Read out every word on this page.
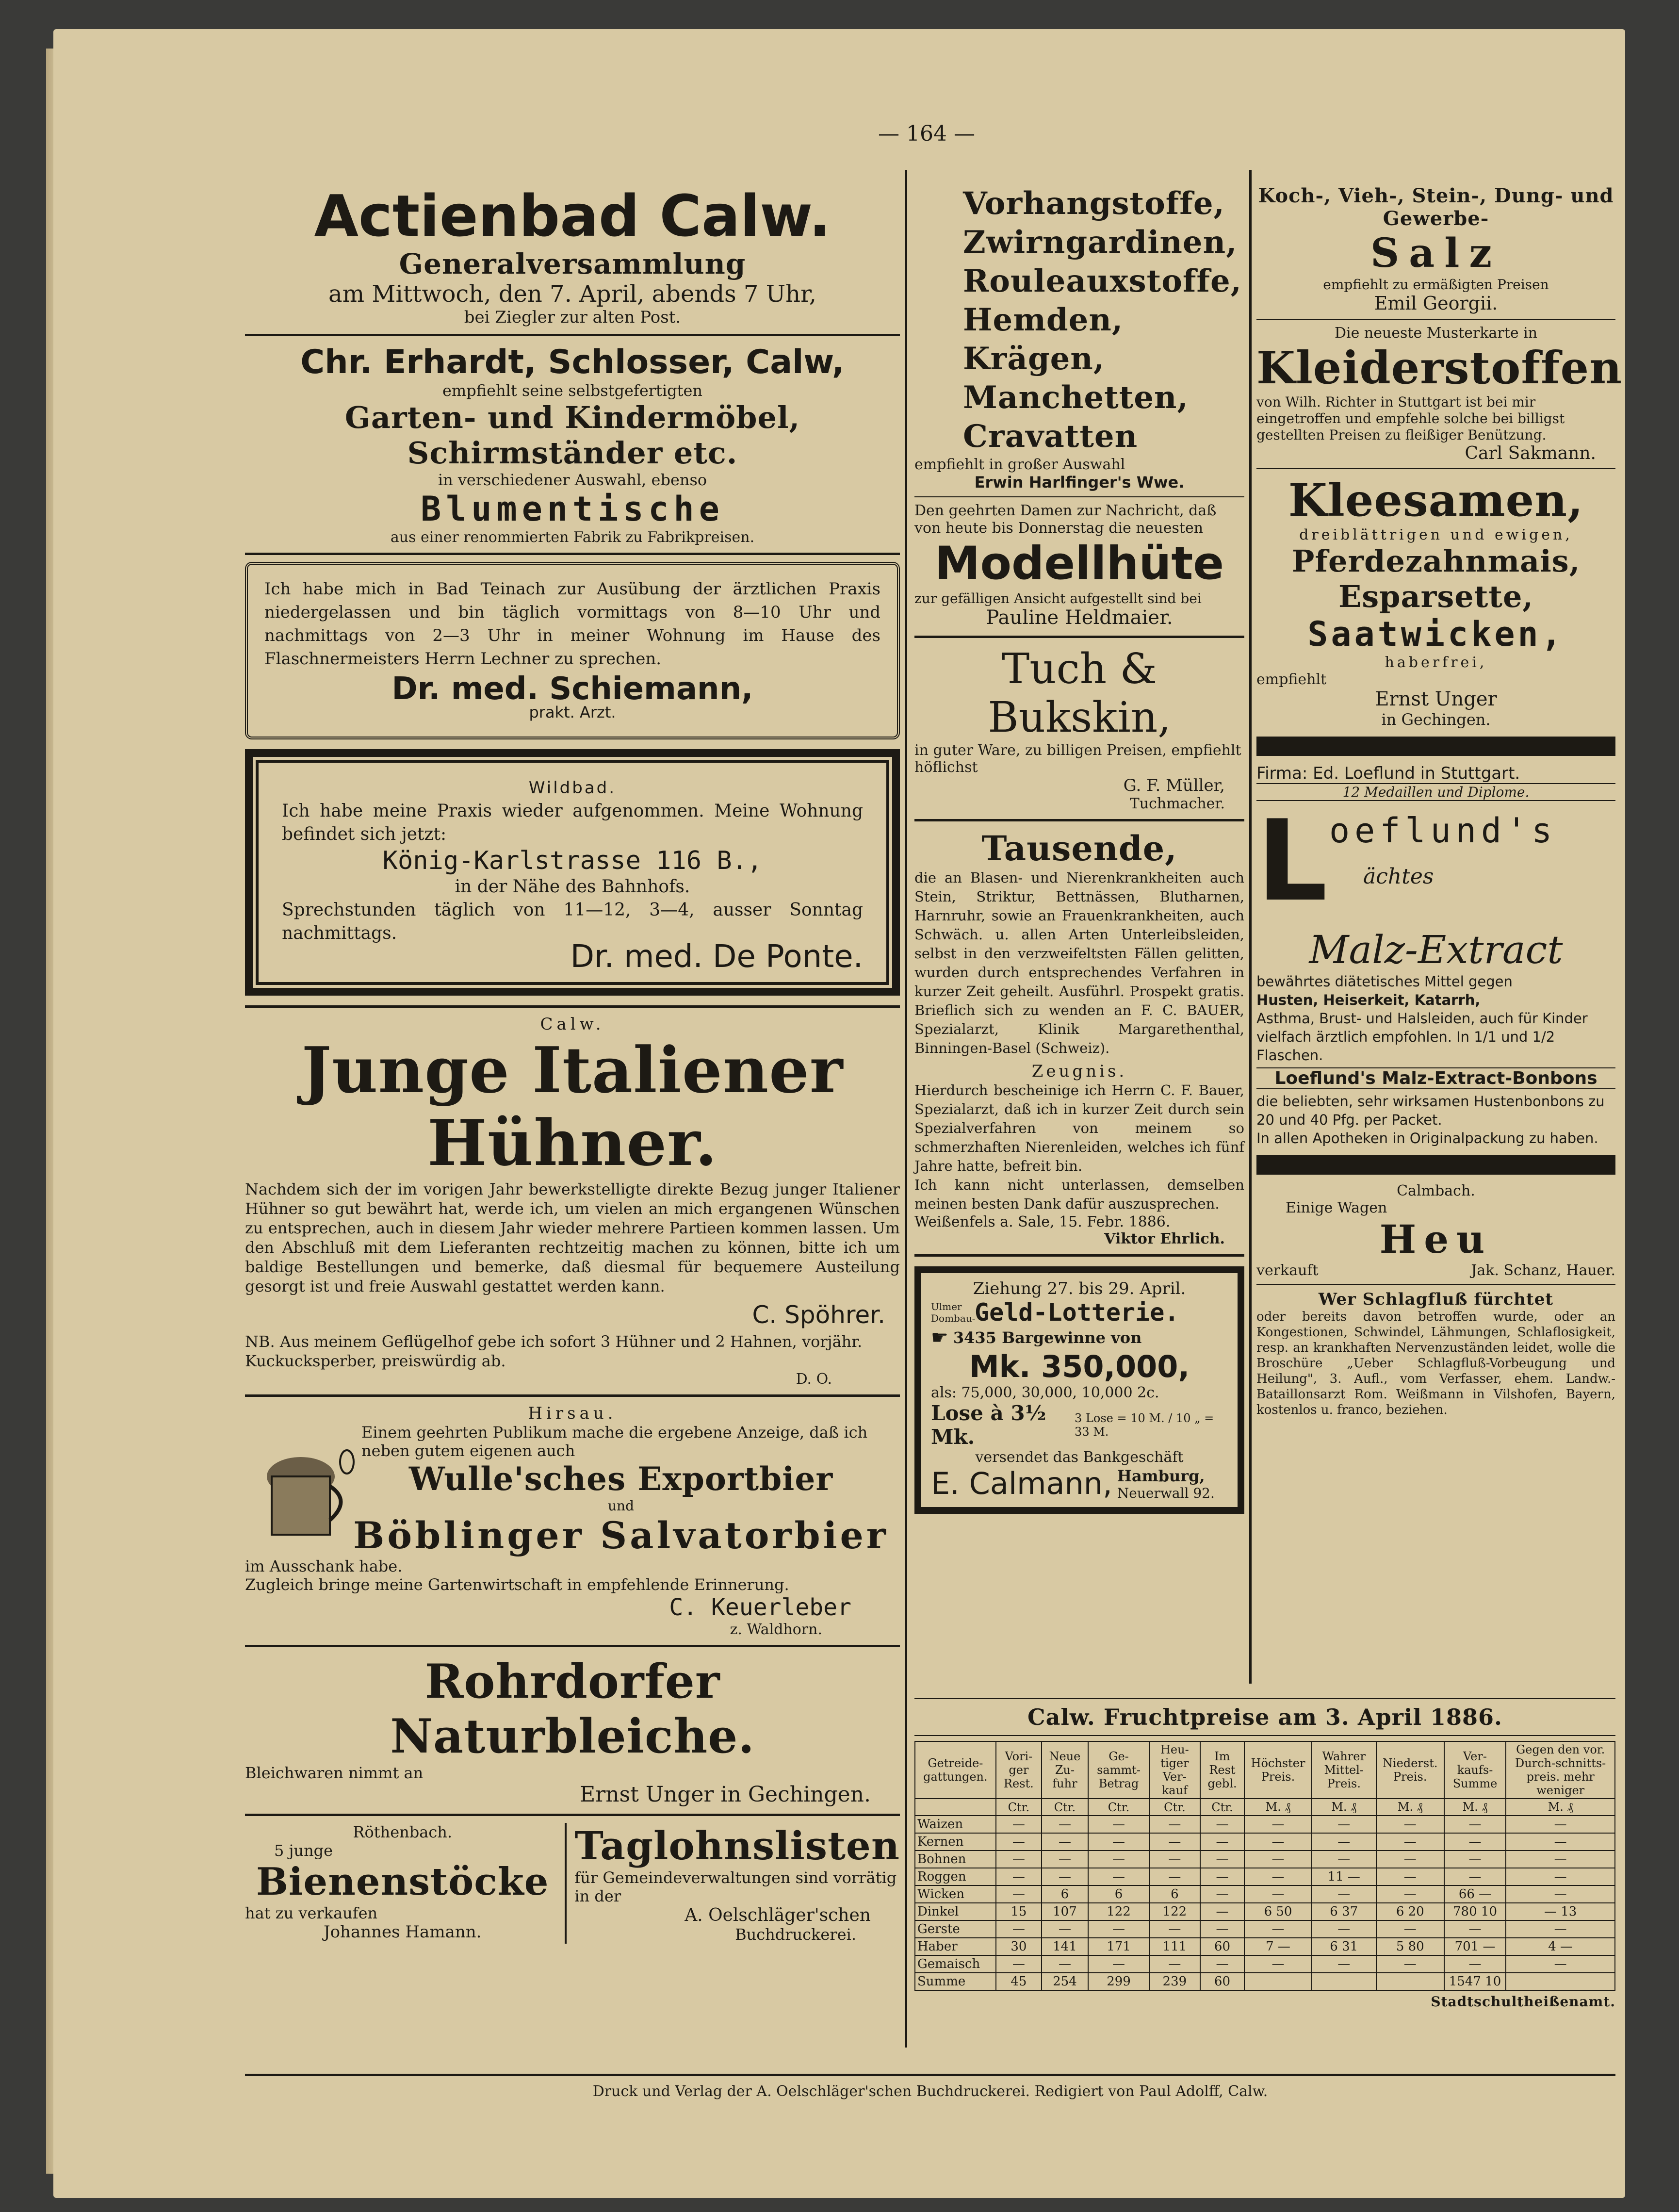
— 164 —
Actienbad Calw.
Generalversammlung
am Mittwoch, den 7. April, abends 7 Uhr,
bei Ziegler zur alten Post.
Chr. Erhardt, Schlosser, Calw,
empfiehlt seine selbstgefertigten
Garten- und Kindermöbel, Schirmständer etc.
in verschiedener Auswahl, ebenso
Blumentische
aus einer renommierten Fabrik zu Fabrikpreisen.

Ich habe mich in Bad Teinach zur Ausübung der ärztlichen Praxis niedergelassen und bin täglich vormittags von 8—10 Uhr und nachmittags von 2—3 Uhr in meiner Wohnung im Hause des Flaschnermeisters Herrn Lechner zu sprechen.

Dr. med. Schiemann,
prakt. Arzt.
Wildbad.

Ich habe meine Praxis wieder aufgenommen. Meine Wohnung befindet sich jetzt:

König-Karlstrasse 116 B.,
in der Nähe des Bahnhofs.

Sprechstunden täglich von 11—12, 3—4, ausser Sonntag nachmittags.

Dr. med. De Ponte.
Calw.
Junge Italiener Hühner.

Nachdem sich der im vorigen Jahr bewerkstelligte direkte Bezug junger Italiener Hühner so gut bewährt hat, werde ich, um vielen an mich ergangenen Wünschen zu entsprechen, auch in diesem Jahr wieder mehrere Partieen kommen lassen. Um den Abschluß mit dem Lieferanten rechtzeitig machen zu können, bitte ich um baldige Bestellungen und bemerke, daß diesmal für bequemere Austeilung gesorgt ist und freie Auswahl gestattet werden kann.

C. Spöhrer.

NB. Aus meinem Geflügelhof gebe ich sofort 3 Hühner und 2 Hahnen, vorjähr. Kuckucksperber, preiswürdig ab.

D. O.
Hirsau.

Einem geehrten Publikum mache die ergebene Anzeige, daß ich neben gutem eigenen auch

Wulle'sches Exportbier
und
Böblinger Salvatorbier

im Ausschank habe.

Zugleich bringe meine Gartenwirtschaft in empfehlende Erinnerung.

C. Keuerleber
z. Waldhorn.
Rohrdorfer Naturbleiche.

Bleichwaren nimmt an

Ernst Unger in Gechingen.
Röthenbach.
5 junge
Bienenstöcke
hat zu verkaufen
Johannes Hamann.
Taglohnslisten

für Gemeindeverwaltungen sind vorrätig in der

A. Oelschläger'schen
Buchdruckerei.
Vorhangstoffe,
Zwirngardinen,
Rouleauxstoffe,
Hemden,
Krägen,
Manchetten,
Cravatten
empfiehlt in großer Auswahl
Erwin Harlfinger's Wwe.

Den geehrten Damen zur Nachricht, daß von heute bis Donnerstag die neuesten

Modellhüte

zur gefälligen Ansicht aufgestellt sind bei

Pauline Heldmaier.
Tuch & Bukskin,

in guter Ware, zu billigen Preisen, empfiehlt höflichst

G. F. Müller,
Tuchmacher.
Tausende,

die an Blasen- und Nierenkrankheiten auch Stein, Striktur, Bettnässen, Blutharnen, Harnruhr, sowie an Frauenkrankheiten, auch Schwäch. u. allen Arten Unterleibsleiden, selbst in den verzweifeltsten Fällen gelitten, wurden durch entsprechendes Verfahren in kurzer Zeit geheilt. Ausführl. Prospekt gratis. Brieflich sich zu wenden an F. C. BAUER, Spezialarzt, Klinik Margarethenthal, Binningen-Basel (Schweiz).

Zeugnis.

Hierdurch bescheinige ich Herrn C. F. Bauer, Spezialarzt, daß ich in kurzer Zeit durch sein Spezialverfahren von meinem so schmerzhaften Nierenleiden, welches ich fünf Jahre hatte, befreit bin.

Ich kann nicht unterlassen, demselben meinen besten Dank dafür auszusprechen.

Weißenfels a. Sale, 15. Febr. 1886.
Viktor Ehrlich.
Ziehung 27. bis 29. April.
Ulmer Dombau-
Geld-Lotterie.
☛ 3435 Bargewinne von
Mk. 350,000,
als: 75,000, 30,000, 10,000 2c.
Lose à 3½ Mk.
3 Lose = 10 M. / 10 „ = 33 M.
versendet das Bankgeschäft
E. Calmann, Hamburg,
Neuerwall 92.
Koch-, Vieh-, Stein-, Dung- und Gewerbe-
Salz
empfiehlt zu ermäßigten Preisen
Emil Georgii.
Die neueste Musterkarte in
Kleiderstoffen

von Wilh. Richter in Stuttgart ist bei mir eingetroffen und empfehle solche bei billigst gestellten Preisen zu fleißiger Benützung.

Carl Sakmann.
Kleesamen,
dreiblättrigen und ewigen,
Pferdezahnmais,
Esparsette,
Saatwicken,
haberfrei,
empfiehlt
Ernst Unger
in Gechingen.
Firma: Ed. Loeflund in Stuttgart.
12 Medaillen und Diplome.
L oeflund's
ächtes
Malz-Extract

bewährtes diätetisches Mittel gegen

Husten, Heiserkeit, Katarrh,

Asthma, Brust- und Halsleiden, auch für Kinder vielfach ärztlich empfohlen. In 1/1 und 1/2 Flaschen.

Loeflund's Malz-Extract-Bonbons

die beliebten, sehr wirksamen Hustenbonbons zu 20 und 40 Pfg. per Packet.

In allen Apotheken in Originalpackung zu haben.

Calmbach.
Einige Wagen
Heu
verkauft	Jak. Schanz, Hauer.
Wer Schlagfluß fürchtet

oder bereits davon betroffen wurde, oder an Kongestionen, Schwindel, Lähmungen, Schlaflosigkeit, resp. an krankhaften Nervenzuständen leidet, wolle die Broschüre „Ueber Schlagfluß-Vorbeugung und Heilung", 3. Aufl., vom Verfasser, ehem. Landw.-Bataillonsarzt Rom. Weißmann in Vilshofen, Bayern, kostenlos u. franco, beziehen.

Calw. Fruchtpreise am 3. April 1886.
Getreide-gattungen.	Vori-ger Rest.	Neue Zu-fuhr	Ge-sammt-Betrag	Heu-tiger Ver-kauf	Im Rest gebl.	Höchster Preis.	Wahrer Mittel-Preis.	Niederst. Preis.	Ver-kaufs-Summe	Gegen den vor. Durch-schnitts-preis. mehr weniger
	Ctr.	Ctr.	Ctr.	Ctr.	Ctr.	M. ₰	M. ₰	M. ₰	M. ₰	M. ₰
Waizen	—	—	—	—	—	—	—	—	—	—
Kernen	—	—	—	—	—	—	—	—	—	—
Bohnen	—	—	—	—	—	—	—	—	—	—
Roggen	—	—	—	—	—	—	11 —	—	—	—
Wicken	—	6	6	6	—	—	—	—	66 —	—
Dinkel	15	107	122	122	—	6 50	6 37	6 20	780 10	— 13
Gerste	—	—	—	—	—	—	—	—	—	—
Haber	30	141	171	111	60	7 —	6 31	5 80	701 —	4 —
Gemaisch	—	—	—	—	—	—	—	—	—	—
Summe	45	254	299	239	60				1547 10	
Stadtschultheißenamt.
Druck und Verlag der A. Oelschläger'schen Buchdruckerei. Redigiert von Paul Adolff, Calw.
